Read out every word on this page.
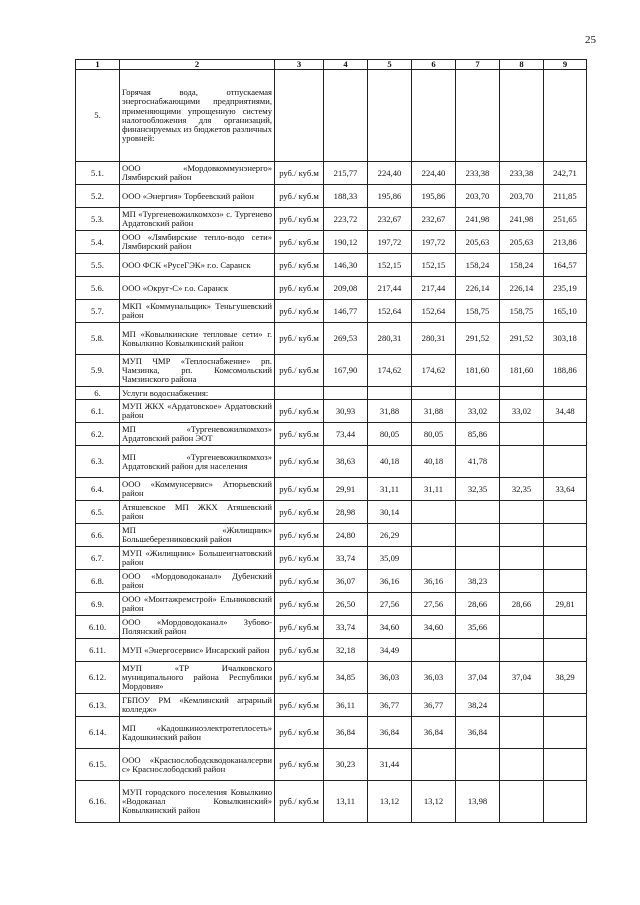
25
1	2	3	4	5	6	7	8	9
5.	Горячая вода, отпускаемая энергоснабжающими предприятиями, применяющими упрощенную систему налогообложения для организаций, финансируемых из бюджетов различных уровней:							
5.1.	ООО «Мордовкоммунэнерго» Лямбирский район	руб./ куб.м	215,77	224,40	224,40	233,38	233,38	242,71
5.2.	ООО «Энергия» Торбеевский район	руб./ куб.м	188,33	195,86	195,86	203,70	203,70	211,85
5.3.	МП «Тургеневожилкомхоз» с. Тургенево Ардатовский район	руб./ куб.м	223,72	232,67	232,67	241,98	241,98	251,65
5.4.	ООО «Лямбирские тепло-водо сети» Лямбирский район	руб./ куб.м	190,12	197,72	197,72	205,63	205,63	213,86
5.5.	ООО ФСК «РусеГЭК» г.о. Саранск	руб./ куб.м	146,30	152,15	152,15	158,24	158,24	164,57
5.6.	ООО «Округ-С» г.о. Саранск	руб./ куб.м	209,08	217,44	217,44	226,14	226,14	235,19
5.7.	МКП «Коммунальщик» Теньгушевский район	руб./ куб.м	146,77	152,64	152,64	158,75	158,75	165,10
5.8.	МП «Ковылкинские тепловые сети» г. Ковылкино Ковылкинский район	руб./ куб.м	269,53	280,31	280,31	291,52	291,52	303,18
5.9.	МУП ЧМР «Теплоснабжение» рп. Чамзинка, рп. Комсомольский Чамзинского района	руб./ куб.м	167,90	174,62	174,62	181,60	181,60	188,86
6.	Услуги водоснабжения:							
6.1.	МУП ЖКХ «Ардатовское» Ардатовский район	руб./ куб.м	30,93	31,88	31,88	33,02	33,02	34,48
6.2.	МП «Тургеневожилкомхоз» Ардатовский район ЭОТ	руб./ куб.м	73,44	80,05	80,05	85,86		
6.3.	МП «Тургеневожилкомхоз» Ардатовский район для населения	руб./ куб.м	38,63	40,18	40,18	41,78		
6.4.	ООО «Коммунсервис» Атюрьевский район	руб./ куб.м	29,91	31,11	31,11	32,35	32,35	33,64
6.5.	Атяшевское МП ЖКХ Атяшевский район	руб./ куб.м	28,98	30,14				
6.6.	МП «Жилищник» Большеберезниковский район	руб./ куб.м	24,80	26,29				
6.7.	МУП «Жилищник» Большеигнатовский район	руб./ куб.м	33,74	35,09				
6.8.	ООО «Мордоводоканал» Дубенский район	руб./ куб.м	36,07	36,16	36,16	38,23		
6.9.	ООО «Монтажремстрой» Ельниковский район	руб./ куб.м	26,50	27,56	27,56	28,66	28,66	29,81
6.10.	ООО «Мордоводоканал» Зубово-Полянский район	руб./ куб.м	33,74	34,60	34,60	35,66		
6.11.	МУП «Энергосервис» Инсарский район	руб./ куб.м	32,18	34,49				
6.12.	МУП «ТР Ичалковского муниципального района Республики Мордовия»	руб./ куб.м	34,85	36,03	36,03	37,04	37,04	38,29
6.13.	ГБПОУ РМ «Кемлинский аграрный колледж»	руб./ куб.м	36,11	36,77	36,77	38,24		
6.14.	МП «Кадошкиноэлектротеплосеть» Кадошкинский район	руб./ куб.м	36,84	36,84	36,84	36,84		
6.15.	ООО «Краснослободскводоканалсерви с» Краснослободский район	руб./ куб.м	30,23	31,44				
6.16.	МУП городского поселения Ковылкино «Водоканал Ковылкинский» Ковылкинский район	руб./ куб.м	13,11	13,12	13,12	13,98		
